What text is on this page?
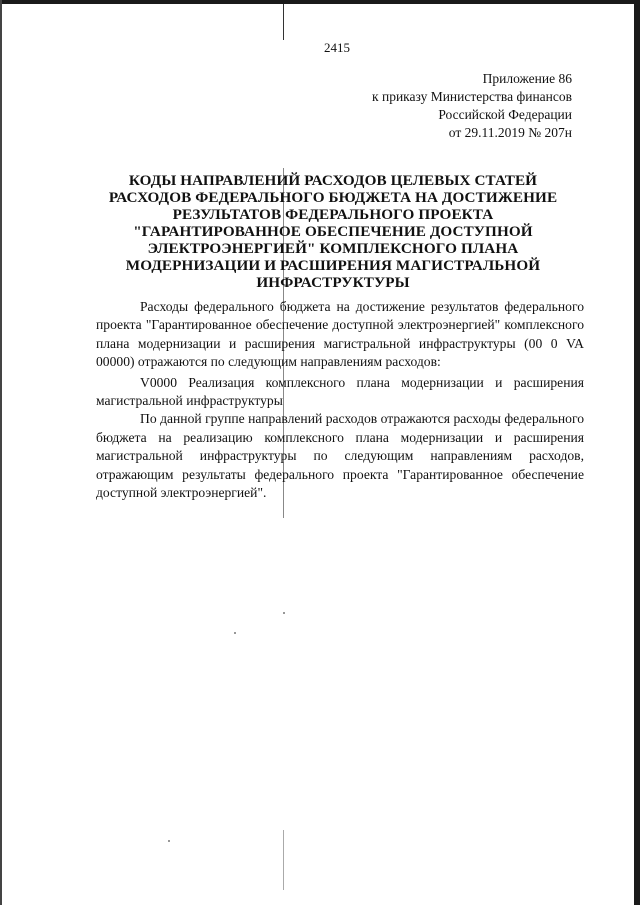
2415
Приложение 86
к приказу Министерства финансов
Российской Федерации
от 29.11.2019 № 207н
КОДЫ НАПРАВЛЕНИЙ РАСХОДОВ ЦЕЛЕВЫХ СТАТЕЙ РАСХОДОВ ФЕДЕРАЛЬНОГО БЮДЖЕТА НА ДОСТИЖЕНИЕ РЕЗУЛЬТАТОВ ФЕДЕРАЛЬНОГО ПРОЕКТА "ГАРАНТИРОВАННОЕ ОБЕСПЕЧЕНИЕ ДОСТУПНОЙ ЭЛЕКТРОЭНЕРГИЕЙ" КОМПЛЕКСНОГО ПЛАНА МОДЕРНИЗАЦИИ И РАСШИРЕНИЯ МАГИСТРАЛЬНОЙ ИНФРАСТРУКТУРЫ

Расходы федерального бюджета на достижение результатов федерального проекта "Гарантированное обеспечение доступной электроэнергией" комплексного плана модернизации и расширения магистральной инфраструктуры (00 0 VA 00000) отражаются по следующим направлениям расходов:

V0000 Реализация комплексного плана модернизации и расширения магистральной инфраструктуры

По данной группе направлений расходов отражаются расходы федерального бюджета на реализацию комплексного плана модернизации и расширения магистральной инфраструктуры по следующим направлениям расходов, отражающим результаты федерального проекта "Гарантированное обеспечение доступной электроэнергией".
